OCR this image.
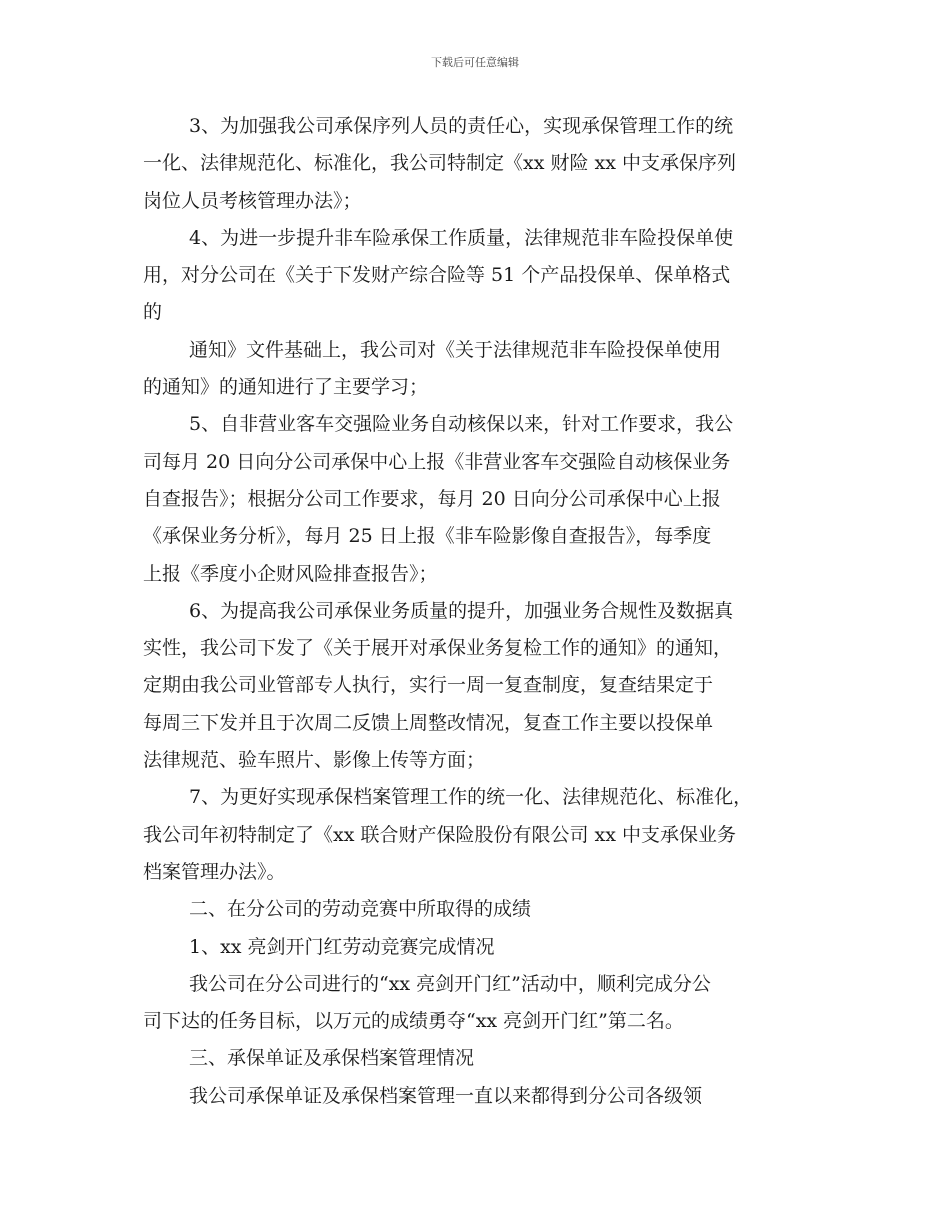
下载后可任意编辑
3、为加强我公司承保序列人员的责任心，实现承保管理工作的统
一化、法律规范化、标准化，我公司特制定《xx 财险 xx 中支承保序列
岗位人员考核管理办法》；
4、为进一步提升非车险承保工作质量，法律规范非车险投保单使
用，对分公司在《关于下发财产综合险等 51 个产品投保单、保单格式
的
通知》文件基础上，我公司对《关于法律规范非车险投保单使用
的通知》的通知进行了主要学习；
5、自非营业客车交强险业务自动核保以来，针对工作要求，我公
司每月 20 日向分公司承保中心上报《非营业客车交强险自动核保业务
自查报告》；根据分公司工作要求，每月 20 日向分公司承保中心上报
《承保业务分析》，每月 25 日上报《非车险影像自查报告》，每季度
上报《季度小企财风险排查报告》；
6、为提高我公司承保业务质量的提升，加强业务合规性及数据真
实性，我公司下发了《关于展开对承保业务复检工作的通知》的通知，
定期由我公司业管部专人执行，实行一周一复查制度，复查结果定于
每周三下发并且于次周二反馈上周整改情况，复查工作主要以投保单
法律规范、验车照片、影像上传等方面；
7、为更好实现承保档案管理工作的统一化、法律规范化、标准化，
我公司年初特制定了《xx 联合财产保险股份有限公司 xx 中支承保业务
档案管理办法》。
二、在分公司的劳动竞赛中所取得的成绩
1、xx 亮剑开门红劳动竞赛完成情况
我公司在分公司进行的“xx 亮剑开门红”活动中，顺利完成分公
司下达的任务目标，以万元的成绩勇夺“xx 亮剑开门红”第二名。
三、承保单证及承保档案管理情况
我公司承保单证及承保档案管理一直以来都得到分公司各级领
